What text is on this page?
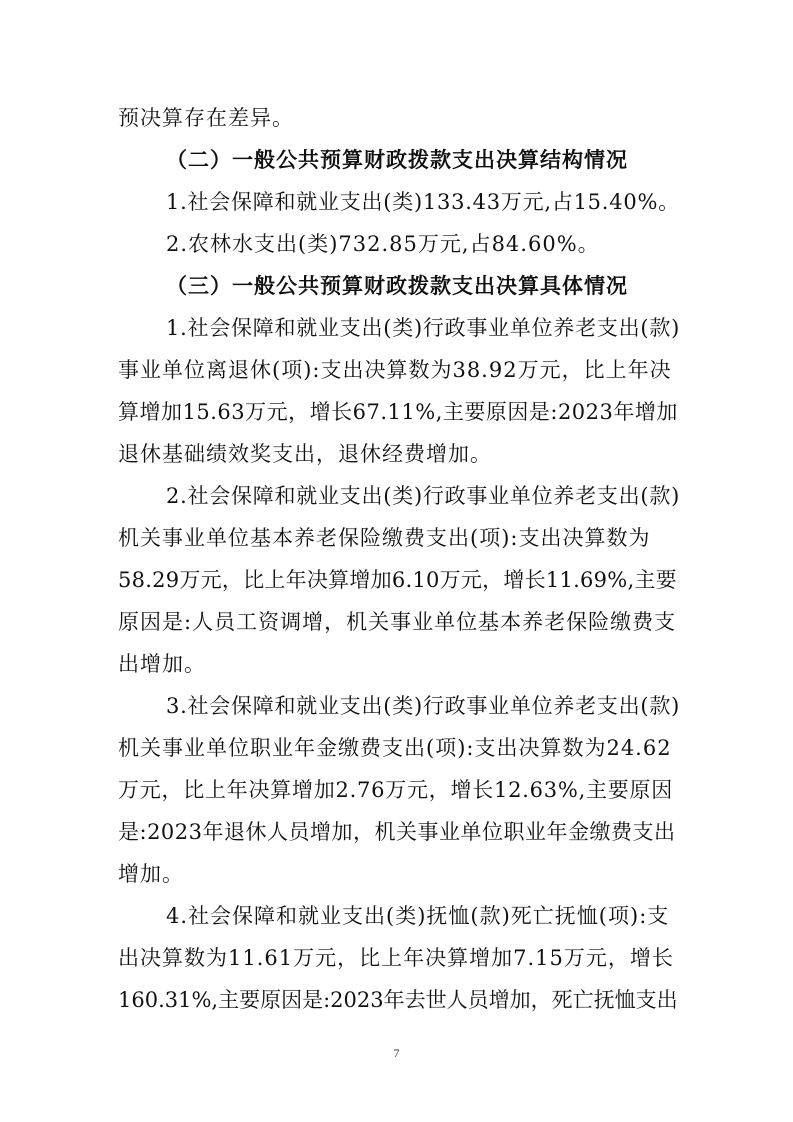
预决算存在差异。
（二）一般公共预算财政拨款支出决算结构情况
1.社会保障和就业支出(类)133.43万元,占15.40%。
2.农林水支出(类)732.85万元,占84.60%。
（三）一般公共预算财政拨款支出决算具体情况
1.社会保障和就业支出(类)行政事业单位养老支出(款)
事业单位离退休(项):支出决算数为38.92万元，比上年决
算增加15.63万元，增长67.11%,主要原因是:2023年增加
退休基础绩效奖支出，退休经费增加。
2.社会保障和就业支出(类)行政事业单位养老支出(款)
机关事业单位基本养老保险缴费支出(项):支出决算数为
58.29万元，比上年决算增加6.10万元，增长11.69%,主要
原因是:人员工资调增，机关事业单位基本养老保险缴费支
出增加。
3.社会保障和就业支出(类)行政事业单位养老支出(款)
机关事业单位职业年金缴费支出(项):支出决算数为24.62
万元，比上年决算增加2.76万元，增长12.63%,主要原因
是:2023年退休人员增加，机关事业单位职业年金缴费支出
增加。
4.社会保障和就业支出(类)抚恤(款)死亡抚恤(项):支
出决算数为11.61万元，比上年决算增加7.15万元，增长
160.31%,主要原因是:2023年去世人员增加，死亡抚恤支出
7
